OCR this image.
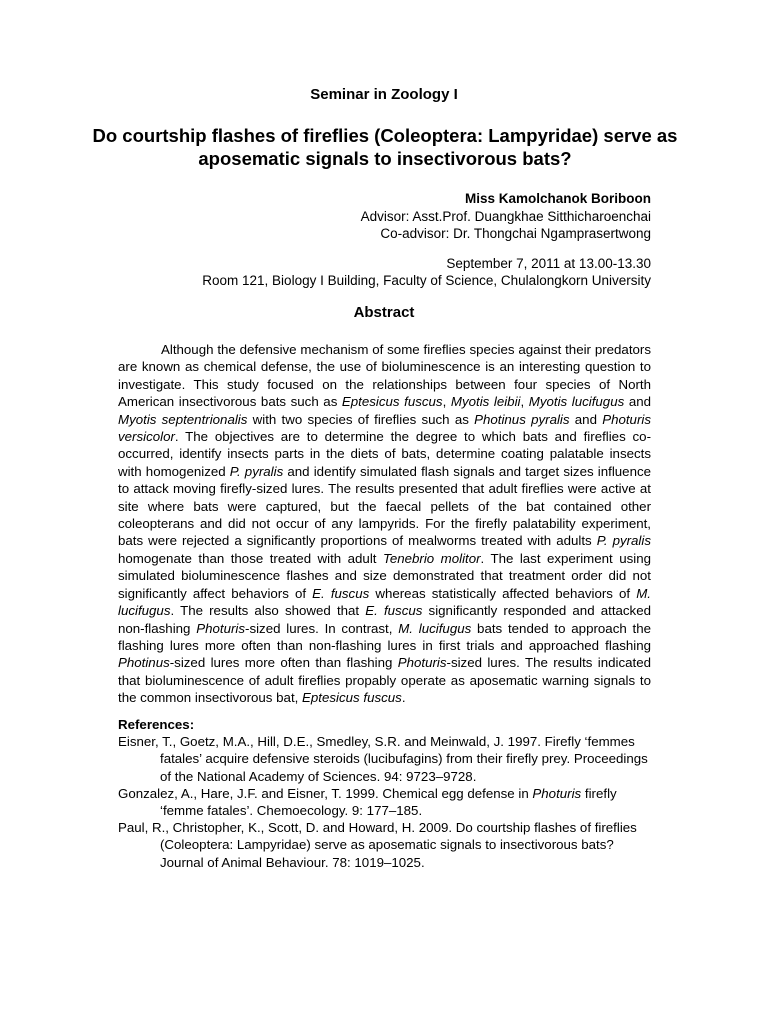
Seminar in Zoology I
Do courtship flashes of fireflies (Coleoptera: Lampyridae) serve as aposematic signals to insectivorous bats?
Miss Kamolchanok Boriboon
Advisor: Asst.Prof. Duangkhae Sitthicharoenchai
Co-advisor: Dr. Thongchai Ngamprasertwong
September 7, 2011 at 13.00-13.30
Room 121, Biology I Building, Faculty of Science, Chulalongkorn University
Abstract

Although the defensive mechanism of some fireflies species against their predators are known as chemical defense, the use of bioluminescence is an interesting question to investigate. This study focused on the relationships between four species of North American insectivorous bats such as Eptesicus fuscus, Myotis leibii, Myotis lucifugus and Myotis septentrionalis with two species of fireflies such as Photinus pyralis and Photuris versicolor. The objectives are to determine the degree to which bats and fireflies co-occurred, identify insects parts in the diets of bats, determine coating palatable insects with homogenized P. pyralis and identify simulated flash signals and target sizes influence to attack moving firefly-sized lures. The results presented that adult fireflies were active at site where bats were captured, but the faecal pellets of the bat contained other coleopterans and did not occur of any lampyrids. For the firefly palatability experiment, bats were rejected a significantly proportions of mealworms treated with adults P. pyralis homogenate than those treated with adult Tenebrio molitor. The last experiment using simulated bioluminescence flashes and size demonstrated that treatment order did not significantly affect behaviors of E. fuscus whereas statistically affected behaviors of M. lucifugus. The results also showed that E. fuscus significantly responded and attacked non-flashing Photuris-sized lures. In contrast, M. lucifugus bats tended to approach the flashing lures more often than non-flashing lures in first trials and approached flashing Photinus-sized lures more often than flashing Photuris-sized lures. The results indicated that bioluminescence of adult fireflies propably operate as aposematic warning signals to the common insectivorous bat, Eptesicus fuscus.

References:

Eisner, T., Goetz, M.A., Hill, D.E., Smedley, S.R. and Meinwald, J. 1997. Firefly ‘femmes fatales’ acquire defensive steroids (lucibufagins) from their firefly prey. Proceedings of the National Academy of Sciences. 94: 9723–9728.

Gonzalez, A., Hare, J.F. and Eisner, T. 1999. Chemical egg defense in Photuris firefly ‘femme fatales’. Chemoecology. 9: 177–185.

Paul, R., Christopher, K., Scott, D. and Howard, H. 2009. Do courtship flashes of fireflies (Coleoptera: Lampyridae) serve as aposematic signals to insectivorous bats? Journal of Animal Behaviour. 78: 1019–1025.
